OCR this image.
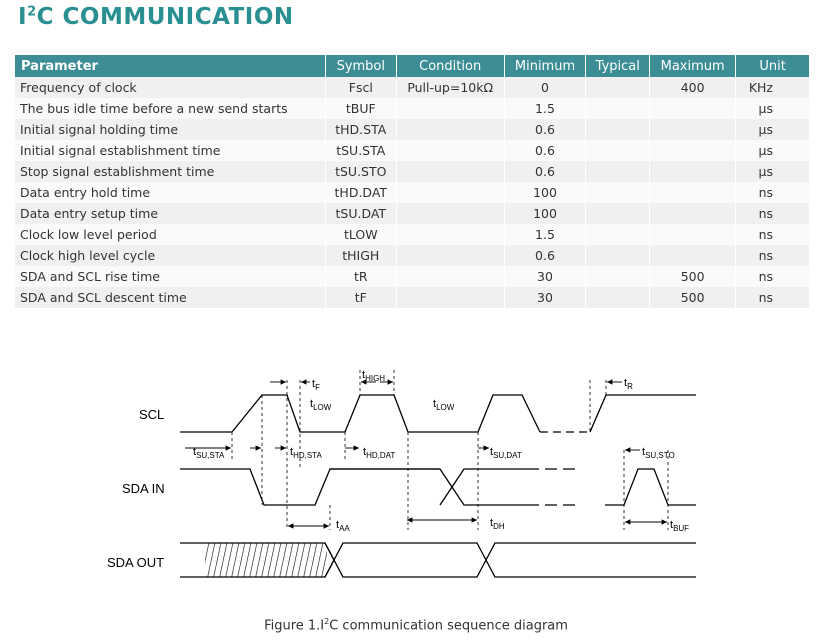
$I^2C$ COMMUNICATION
Parameter	Symbol	Condition	Minimum	Typical	Maximum	Unit
Frequency of clock	Fscl	Pull-up=10kΩ	0		400	KHz
The bus idle time before a new send starts	tBUF		1.5			μs
Initial signal holding time	tHD.STA		0.6			μs
Initial signal establishment time	tSU.STA		0.6			μs
Stop signal establishment time	tSU.STO		0.6			μs
Data entry hold time	tHD.DAT		100			ns
Data entry setup time	tSU.DAT		100			ns
Clock low level period	tLOW		1.5			ns
Clock high level cycle	tHIGH		0.6			ns
SDA and SCL rise time	tR		30		500	ns
SDA and SCL descent time	tF		30		500	ns
SCL
SDA IN
SDA OUT
$t_F$
$t_{HIGH}$
$t_{LOW}$	$t_{LOW}$
$t_R$
$t_{SU,STA}$	$t_{HD,STA}$	$t_{HD,DAT}$	$t_{SU,DAT}$	$t_{SU,STO}$
$t_{AA}$	$t_{DH}$	$t_{BUF}$
Figure $1.I^2C$ communication sequence diagram
